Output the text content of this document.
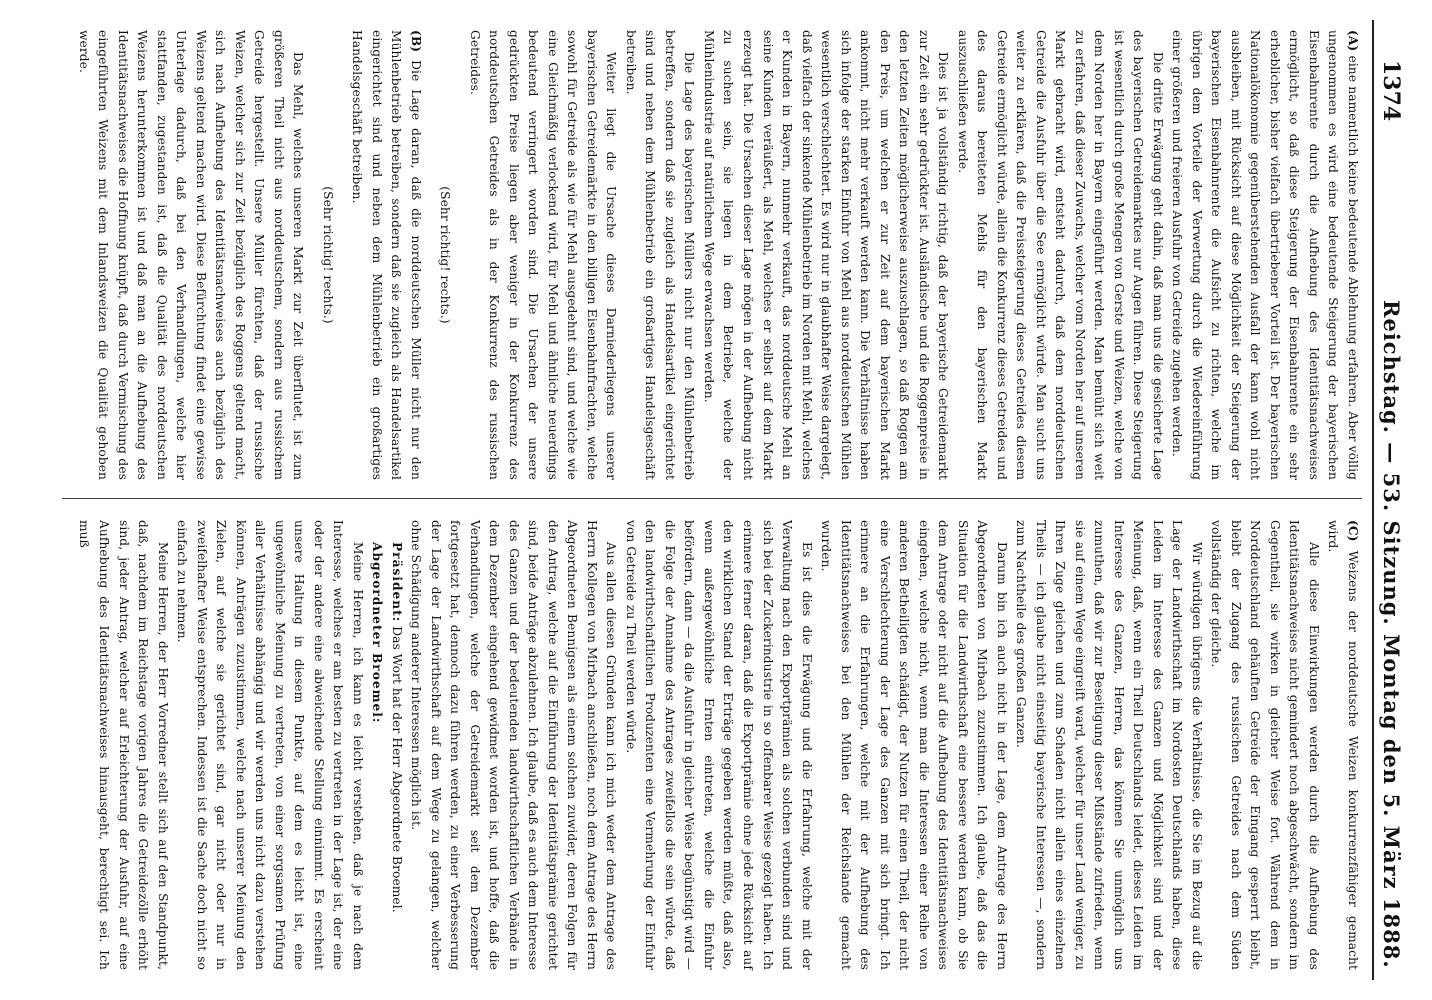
1374
Reichstag. — 53. Sitzung. Montag den 5. März 1888.

(A) eine namentlich keine bedeutende Ablehnung erfahren. Aber völlig ungenommen es wird eine bedeutende Steigerung der bayerischen Eisenbahnrente durch die Aufhebung des Identitätsnachweises ermöglicht, so daß diese Steigerung der Eisenbahnrente ein sehr erheblicher, bisher vielfach übertriebener Vorteil ist. Der bayerischen Nationalökonomie gegenüberstehenden Ausfall der kann wohl nicht ausbleiben, mit Rücksicht auf diese Möglichkeit der Steigerung der bayerischen Eisenbahnrente die Aufsicht zu richten, welche im übrigen dem Vorteile der Verwertung durch die Wiedereinführung einer größeren und freieren Ausfuhr von Getreide zugehen werden.

Die dritte Erwägung geht dahin, daß man uns die gesicherte Lage des bayerischen Getreidemarktes nur Augen führen. Diese Steigerung ist wesentlich durch große Mengen von Gerste und Weizen, welche von dem Norden her in Bayern eingeführt werden. Man bemüht sich weit zu erfahren, daß dieser Zuwachs, welcher vom Norden her auf unseren Markt gebracht wird, entsteht dadurch, daß dem norddeutschen Getreide die Ausfuhr über die See ermöglicht würde. Man sucht uns weiter zu erklären, daß die Preissteigerung dieses Getreides diesem Getreide ermöglicht würde, allein die Konkurrenz dieses Getreides und des daraus bereiteten Mehls für den bayerischen Markt auszuschließen werde.

Dies ist ja vollständig richtig, daß der bayerische Getreidemarkt zur Zeit ein sehr gedrückter ist. Ausländische und die Roggenpreise in den letzten Zeiten möglicherweise auszuschlagen, so daß Roggen am den Preis, um welchen er zur Zeit auf dem bayerischen Markt ankommt, nicht mehr verkauft werden kann. Die Verhältnisse haben sich infolge der starken Einfuhr von Mehl aus norddeutschen Mühlen wesentlich verschlechtert. Es wird nur in glaubhafter Weise dargelegt, daß vielfach der sinkende Mühlenbetrieb im Norden mit Mehl, welches er Kunden in Bayern, nunmehr verkauft, das norddeutsche Mehl an seine Kunden veräußert, als Mehl, welches er selbst auf dem Markt erzeugt hat. Die Ursachen dieser Lage mögen in der Aufhebung nicht zu suchen sein, sie liegen in dem Betriebe, welche der Mühlenindustrie auf natürlichem Wege erwachsen werden.

Die Lage des bayerischen Müllers nicht nur den Mühlenbetrieb betreffen, sondern daß sie zugleich als Handelsartikel eingerichtet sind und neben dem Mühlenbetrieb ein großartiges Handelsgeschäft betreiben.

Weiter liegt die Ursache dieses Darniederliegens unserer bayerischen Getreidemärkte in den billigen Eisenbahnfrachten, welche sowohl für Getreide als wie für Mehl ausgedehnt sind, und welche wie eine Gleichmäßig verlockend wird, für Mehl und ähnliche neuerdings bedeutend verringert worden sind. Die Ursachen der unsere gedrückten Preise liegen aber weniger in der Konkurrenz des norddeutschen Getreides als in der Konkurrenz des russischen Getreides.

(Sehr richtig! rechts.)

(B) Die Lage daran, daß die norddeutschen Müller nicht nur den Mühlenbetrieb betreiben, sondern daß sie zugleich als Handelsartikel eingerichtet sind und neben dem Mühlenbetrieb ein großartiges Handelsgeschäft betreiben.

(Sehr richtig! rechts.)

Das Mehl, welches unseren Markt zur Zeit überflutet, ist zum größeren Theil nicht aus norddeutschem, sondern aus russischem Getreide hergestellt. Unsere Müller fürchten, daß der russische Weizen, welcher sich zur Zeit bezüglich des Roggens geltend macht, sich nach Aufhebung des Identitätsnachweises auch bezüglich des Weizens geltend machen wird. Diese Befürchtung findet eine gewisse Unterlage dadurch, daß bei den Verhandlungen, welche hier stattfanden, zugestanden ist, daß die Qualität des norddeutschen Weizens herunterkommen ist und daß man an die Aufhebung des Identitätsnachweises die Hoffnung knüpft, daß durch Vermischung des eingeführten Weizens mit dem Inlandsweizen die Qualität gehoben werde.

(C) Weizens der norddeutsche Weizen konkurrenzfähiger gemacht wird.

Alle diese Einwirkungen werden durch die Aufhebung des Identitätsnachweises nicht gemindert noch abgeschwächt, sondern im Gegentheil, sie wirken in gleicher Weise fort. Während dem in Norddeutschland gehäuften Getreide der Eingang gesperrt bleibt, bleibt der Zugang des russischen Getreides nach dem Süden vollständig der gleiche.

Wir würdigen übrigens die Verhältnisse, die Sie im Bezug auf die Lage der Landwirthschaft im Nordosten Deutschlands haben, diese Leiden im Interesse des Ganzen und Möglichkeit sind und der Meinung, daß, wenn ein Theil Deutschlands leidet, dieses Leiden im Interesse des Ganzen, Herren, das können Sie unmöglich uns zumuthen, daß wir zur Beseitigung dieser Mißstände zufrieden, wenn sie auf einem Wege eingreift ward, welcher für unser Land weniger, zu Ihren Zuge gleichen und zum Schaden nicht allein eines einzelnen Theils — ich glaube nicht einseitig bayerische Interessen —, sondern zum Nachtheile des großen Ganzen.

Darum bin ich auch nicht in der Lage, dem Antrage des Herrn Abgeordneten von Mirbach zuzustimmen. Ich glaube, daß das die Situation für die Landwirthschaft eine bessere werden kann, ob Sie dem Antrage oder nicht auf die Aufhebung des Identitätsnachweises eingehen, welche nicht, wenn man die Interessen einer Reihe von anderen Betheiligten schädigt, der Nutzen für einen Theil, der nicht eine Verschlechterung der Lage des Ganzen mit sich bringt. Ich erinnere an die Erfahrungen, welche mit der Aufhebung des Identitätsnachweises bei den Mühlen der Reichslande gemacht wurden.

Es ist dies die Erwägung und die Erfahrung, welche mit der Verwaltung nach den Exportprämien als solchen verbunden sind und sich bei der Zuckerindustrie in so offenbarer Weise gezeigt haben. Ich erinnere ferner daran, daß die Exportprämie ohne jede Rücksicht auf den wirklichen Stand der Erträge gegeben werden müßte, daß also, wenn außergewöhnliche Ernten eintreten, welche die Einfuhr befördern, dann — da die Ausfuhr in gleicher Weise begünstigt wird — die Folge der Annahme des Antrages zweifellos die sein würde, daß den landwirthschaftlichen Produzenten eine Vermehrung der Einfuhr von Getreide zu Theil werden würde.

Aus allen diesen Gründen kann ich mich weder dem Antrage des Herrn Kollegen von Mirbach anschließen, noch dem Antrage des Herrn Abgeordneten Bennigsen als einem solchen zuwider, deren Folgen für den Antrag, welche auf die Einführung der Identitätsprämie gerichtet sind, beide Anträge abzulehnen. Ich glaube, daß es auch dem Interesse des Ganzen und der bedeutenden landwirthschaftlichen Verbände in dem Dezember eingehend gewidmet worden ist, und hoffe, daß die Verhandlungen, welche der Getreidemarkt seit dem Dezember fortgesetzt hat, dennoch dazu führen werden, zu einer Verbesserung der Lage der Landwirthschaft auf dem Wege zu gelangen, welcher ohne Schädigung anderer Interessen möglich ist.

Präsident: Das Wort hat der Herr Abgeordnete Broemel.

Abgeordneter Broemel:

Meine Herren, ich kann es leicht verstehen, daß je nach dem Interesse, welches er am besten zu vertreten in der Lage ist, der eine oder der andere eine abweichende Stellung einnimmt. Es erscheint unsere Haltung in diesem Punkte, auf dem es leicht ist, eine ungewöhnliche Meinung zu vertreten, von einer sorgsamen Prüfung aller Verhältnisse abhängig und wir werden uns nicht dazu verstehen können, Anträgen zuzustimmen, welche nach unserer Meinung den Zielen, auf welche sie gerichtet sind, gar nicht oder nur in zweifelhafter Weise entsprechen. Indessen ist die Sache doch nicht so einfach zu nehmen.

Meine Herren, der Herr Vorredner stellt sich auf den Standpunkt, daß, nachdem im Reichstage vorigen Jahres die Getreidezölle erhöht sind, jeder Antrag, welcher auf Erleichterung der Ausfuhr, auf eine Aufhebung des Identitätsnachweises hinausgeht, berechtigt sei. Ich muß
